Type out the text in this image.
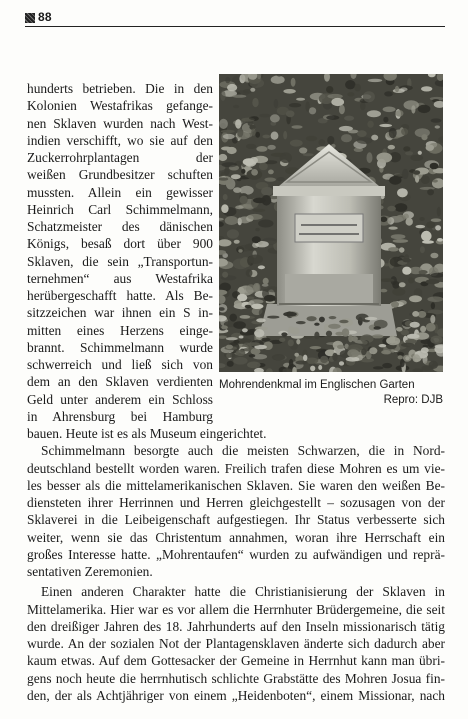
88
hunderts betrieben. Die in den
Kolonien Westafrikas gefange-
nen Sklaven wurden nach West-
indien verschifft, wo sie auf den
Zuckerrohrplantagen der
weißen Grundbesitzer schuften
mussten. Allein ein gewisser
Heinrich Carl Schimmelmann,
Schatzmeister des dänischen
Königs, besaß dort über 900
Sklaven, die sein „Transportun-
ternehmen“ aus Westafrika
herübergeschafft hatte. Als Be-
sitzzeichen war ihnen ein S in-
mitten eines Herzens einge-
brannt. Schimmelmann wurde
schwerreich und ließ sich von
dem an den Sklaven verdienten
Geld unter anderem ein Schloss
in Ahrensburg bei Hamburg
Mohrendenkmal im Englischen Garten
Repro: DJB
bauen. Heute ist es als Museum eingerichtet.
Schimmelmann besorgte auch die meisten Schwarzen, die in Nord-
deutschland bestellt worden waren. Freilich trafen diese Mohren es um vie-
les besser als die mittelamerikanischen Sklaven. Sie waren den weißen Be-
diensteten ihrer Herrinnen und Herren gleichgestellt – sozusagen von der
Sklaverei in die Leibeigenschaft aufgestiegen. Ihr Status verbesserte sich
weiter, wenn sie das Christentum annahmen, woran ihre Herrschaft ein
großes Interesse hatte. „Mohrentaufen“ wurden zu aufwändigen und reprä-
sentativen Zeremonien.
Einen anderen Charakter hatte die Christianisierung der Sklaven in
Mittelamerika. Hier war es vor allem die Herrnhuter Brüdergemeine, die seit
den dreißiger Jahren des 18. Jahrhunderts auf den Inseln missionarisch tätig
wurde. An der sozialen Not der Plantagensklaven änderte sich dadurch aber
kaum etwas. Auf dem Gottesacker der Gemeine in Herrnhut kann man übri-
gens noch heute die herrnhutisch schlichte Grabstätte des Mohren Josua fin-
den, der als Achtjähriger von einem „Heidenboten“, einem Missionar, nach
